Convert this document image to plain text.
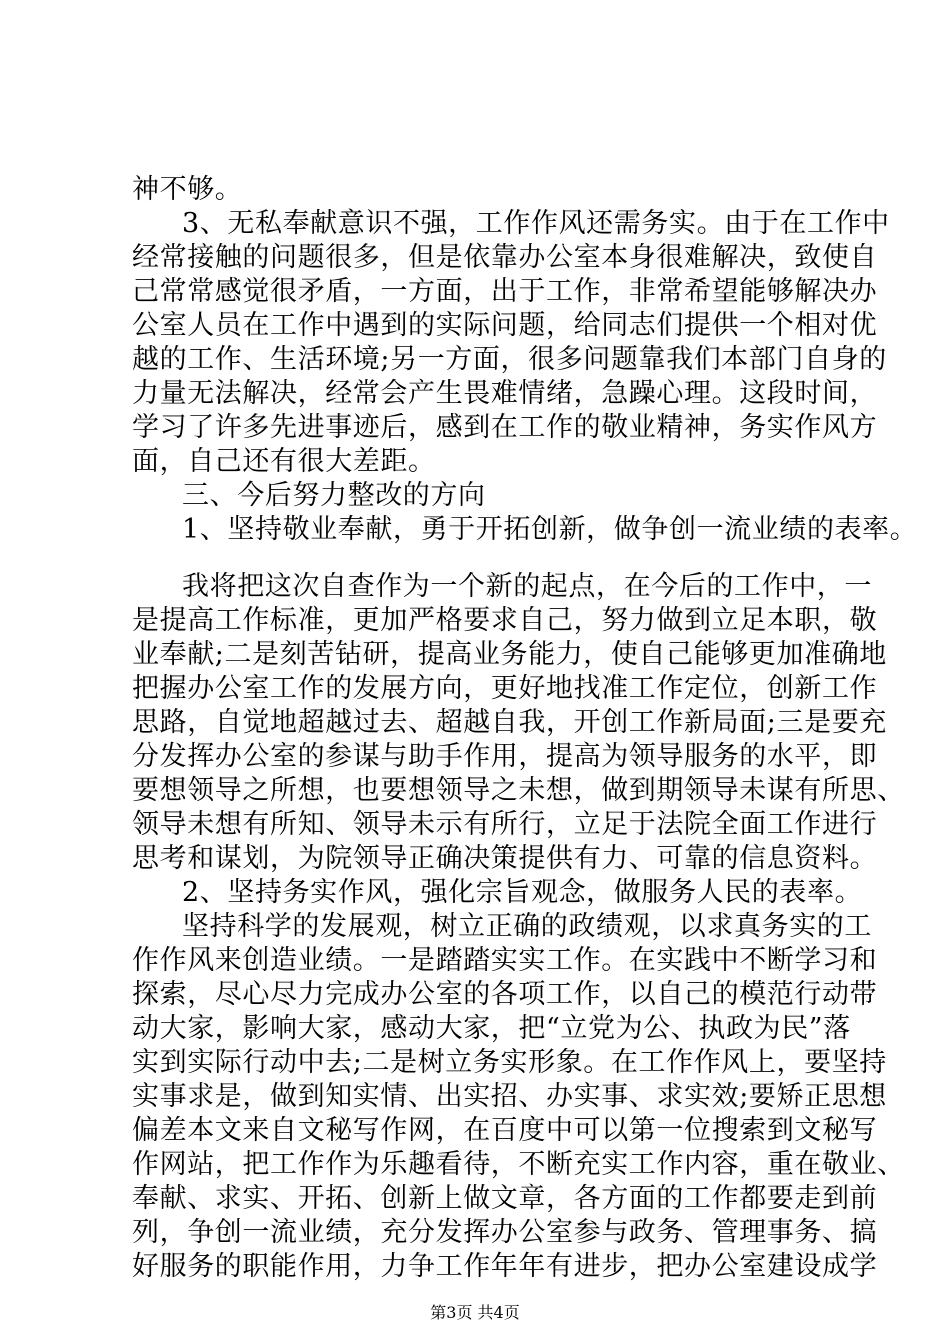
神不够。
3、无私奉献意识不强，工作作风还需务实。由于在工作中
经常接触的问题很多，但是依靠办公室本身很难解决，致使自
己常常感觉很矛盾，一方面，出于工作，非常希望能够解决办
公室人员在工作中遇到的实际问题，给同志们提供一个相对优
越的工作、生活环境;另一方面，很多问题靠我们本部门自身的
力量无法解决，经常会产生畏难情绪，急躁心理。这段时间，
学习了许多先进事迹后，感到在工作的敬业精神，务实作风方
面，自己还有很大差距。
三、今后努力整改的方向
1、坚持敬业奉献，勇于开拓创新，做争创一流业绩的表率。
我将把这次自查作为一个新的起点，在今后的工作中，一
是提高工作标准，更加严格要求自己，努力做到立足本职，敬
业奉献;二是刻苦钻研，提高业务能力，使自己能够更加准确地
把握办公室工作的发展方向，更好地找准工作定位，创新工作
思路，自觉地超越过去、超越自我，开创工作新局面;三是要充
分发挥办公室的参谋与助手作用，提高为领导服务的水平，即
要想领导之所想，也要想领导之未想，做到期领导未谋有所思、
领导未想有所知、领导未示有所行，立足于法院全面工作进行
思考和谋划，为院领导正确决策提供有力、可靠的信息资料。
2、坚持务实作风，强化宗旨观念，做服务人民的表率。
坚持科学的发展观，树立正确的政绩观，以求真务实的工
作作风来创造业绩。一是踏踏实实工作。在实践中不断学习和
探索，尽心尽力完成办公室的各项工作，以自己的模范行动带
动大家，影响大家，感动大家，把“立党为公、执政为民”落
实到实际行动中去;二是树立务实形象。在工作作风上，要坚持
实事求是，做到知实情、出实招、办实事、求实效;要矫正思想
偏差本文来自文秘写作网，在百度中可以第一位搜索到文秘写
作网站，把工作作为乐趣看待，不断充实工作内容，重在敬业、
奉献、求实、开拓、创新上做文章，各方面的工作都要走到前
列，争创一流业绩，充分发挥办公室参与政务、管理事务、搞
好服务的职能作用，力争工作年年有进步，把办公室建设成学
第3页 共4页
